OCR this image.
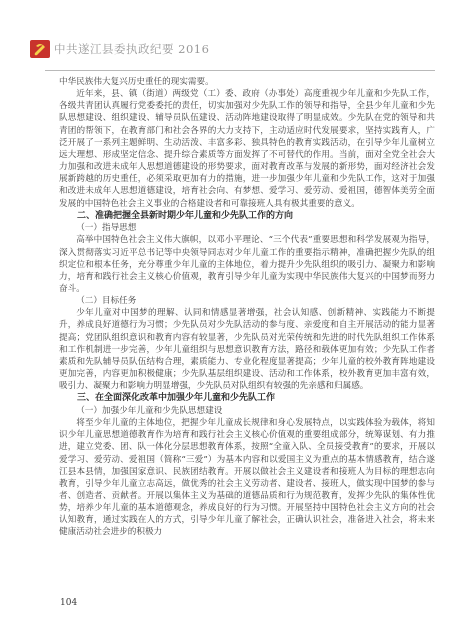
中共遂江县委执政纪要 2016

中华民族伟大复兴历史重任的现实需要。

近年来，县、镇（街道）两级党（工）委、政府（办事处）高度重视少年儿童和少先队工作，各级共青团认真履行党委委托的责任，切实加强对少先队工作的领导和指导，全县少年儿童和少先队思想建设、组织建设、辅导员队伍建设、活动阵地建设取得了明显成效。少先队在党的领导和共青团的帮领下，在教育部门和社会各界的大力支持下，主动适应时代发展要求，坚持实践育人，广泛开展了一系列主题鲜明、生动活泼、丰富多彩、独具特色的教育实践活动，在引导少年儿童树立远大理想、形成坚定信念、提升综合素质等方面发挥了不可替代的作用。当前，面对全党全社会大力加强和改进未成年人思想道德建设的形势要求，面对教育改革与发展的新形势，面对经济社会发展新跨越的历史重任，必须采取更加有力的措施，进一步加强少年儿童和少先队工作，这对于加强和改进未成年人思想道德建设，培育社会向、有梦想、爱学习、爱劳动、爱祖国，德智体美劳全面发展的中国特色社会主义事业的合格建设者和可靠接班人具有极其重要的意义。

二、准确把握全县新时期少年儿童和少先队工作的方向

（一）指导思想

高举中国特色社会主义伟大旗帜，以邓小平理论、“三个代表”重要思想和科学发展观为指导，深入贯彻落实习近平总书记等中央领导同志对少年儿童工作的重要指示精神，准确把握少先队的组织定位和根本任务，充分尊重少年儿童的主体地位，着力提升少先队组织的吸引力、凝聚力和影响力，培育和践行社会主义核心价值观，教育引导少年儿童为实现中华民族伟大复兴的中国梦而努力奋斗。

（二）目标任务

少年儿童对中国梦的理解、认同和情感显著增强，社会认知感、创新精神、实践能力不断提升，养成良好道德行为习惯；少先队员对少先队活动的参与度、亲爱度和自主开展活动的能力显著提高；党团队组织意识和教育内容有较显著，少先队员对光荣传统和先进的时代先队组织工作体系和工作机制进一步完善，少年儿童组织与思想意识教育方法，路径和载体更加有效；少先队工作者素质和先队辅导员队伍结构合理，素质能力、专业化程度显著提高；少年儿童的校外教育阵地建设更加完善，内容更加积极健康；少先队基层组织建设、活动和工作体系，校外教育更加丰富有效，吸引力、凝聚力和影响力明显增强，少先队员对队组织有较强的先亲感和归属感。

三、在全面深化改革中加强少年儿童和少先队工作

（一）加强少年儿童和少先队思想建设

将至少年儿童的主体地位，把握少年儿童成长规律和身心发展特点，以实践体验为载体，将知识少年儿童思想道德教育作为培育和践行社会主义核心价值观的重要组成部分，统筹谋划、有力推进，建立党委、团、队一体化分层思想教育体系，按照“全童入队、全员接受教育”的要求，开展以爱学习、爱劳动、爱祖国（简称“三爱”）为基本内容和以爱国主义为重点的基本情感教育，结合遂江县本县情，加强国家意识、民族团结教育。开展以做社会主义建设者和接班人为目标的理想志向教育，引导少年儿童立志高远，做优秀的社会主义劳动者、建设者、接班人，做实现中国梦的参与者、创造者、贡献者。开展以集体主义为基础的道德品质和行为规范教育，发挥少先队的集体性优势，培养少年儿童的基本道德观念，养成良好的行为习惯。开展坚持中国特色社会主义方向的社会认知教育，通过实践在人的方式，引导少年儿童了解社会，正确认识社会，准备进入社会，将未来健康活动社会进步的积极力

104
